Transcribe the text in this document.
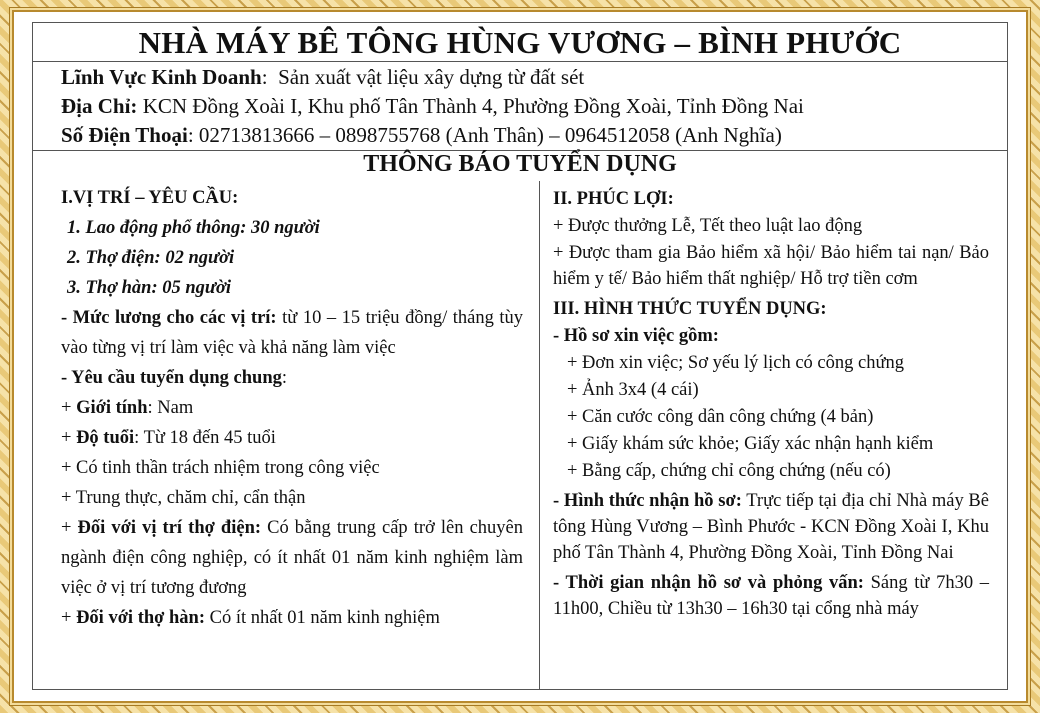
NHÀ MÁY BÊ TÔNG HÙNG VƯƠNG – BÌNH PHƯỚC
Lĩnh Vực Kinh Doanh:  Sản xuất vật liệu xây dựng từ đất sét
Địa Chỉ: KCN Đồng Xoài I, Khu phố Tân Thành 4, Phường Đồng Xoài, Tỉnh Đồng Nai
Số Điện Thoại: 02713813666 – 0898755768 (Anh Thân) – 0964512058 (Anh Nghĩa)
THÔNG BÁO TUYỂN DỤNG
I.VỊ TRÍ – YÊU CẦU:
1. Lao động phổ thông: 30 người
2. Thợ điện: 02 người
3. Thợ hàn: 05 người
- Mức lương cho các vị trí: từ 10 – 15 triệu đồng/ tháng tùy vào từng vị trí làm việc và khả năng làm việc
- Yêu cầu tuyển dụng chung:
+ Giới tính: Nam
+ Độ tuổi: Từ 18 đến 45 tuổi
+ Có tinh thần trách nhiệm trong công việc
+ Trung thực, chăm chỉ, cẩn thận
+ Đối với vị trí thợ điện: Có bằng trung cấp trở lên chuyên ngành điện công nghiệp, có ít nhất 01 năm kinh nghiệm làm việc ở vị trí tương đương
+ Đối với thợ hàn: Có ít nhất 01 năm kinh nghiệm
II. PHÚC LỢI:
+ Được thưởng Lễ, Tết theo luật lao động
+ Được tham gia Bảo hiểm xã hội/ Bảo hiểm tai nạn/ Bảo hiểm y tế/ Bảo hiểm thất nghiệp/ Hỗ trợ tiền cơm
III. HÌNH THỨC TUYỂN DỤNG:
- Hồ sơ xin việc gồm:
+ Đơn xin việc; Sơ yếu lý lịch có công chứng
+ Ảnh 3x4 (4 cái)
+ Căn cước công dân công chứng (4 bản)
+ Giấy khám sức khỏe; Giấy xác nhận hạnh kiểm
+ Bằng cấp, chứng chỉ công chứng (nếu có)
- Hình thức nhận hồ sơ: Trực tiếp tại địa chỉ Nhà máy Bê tông Hùng Vương – Bình Phước - KCN Đồng Xoài I, Khu phố Tân Thành 4, Phường Đồng Xoài, Tỉnh Đồng Nai
- Thời gian nhận hồ sơ và phỏng vấn: Sáng từ 7h30 – 11h00, Chiều từ 13h30 – 16h30 tại cổng nhà máy
